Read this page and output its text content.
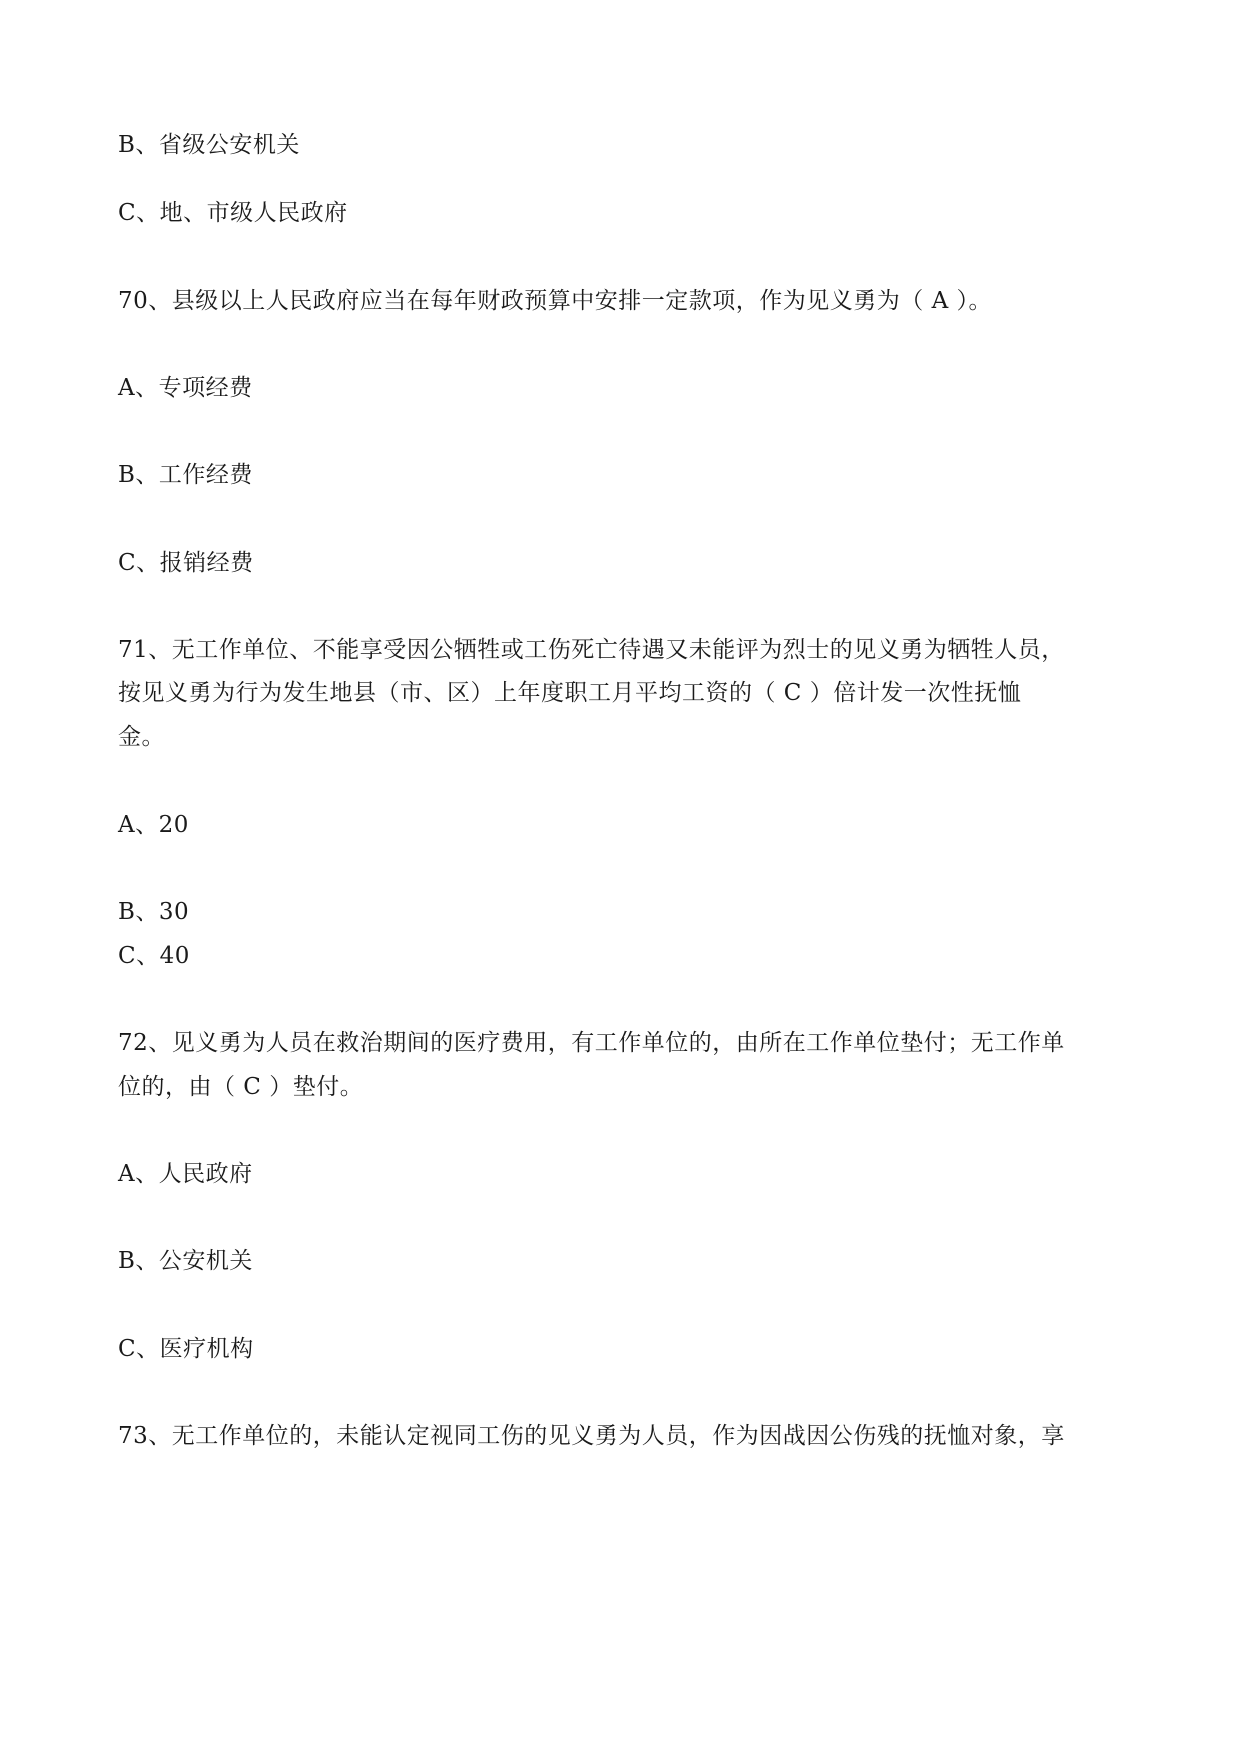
B、省级公安机关
C、地、市级人民政府
70、县级以上人民政府应当在每年财政预算中安排一定款项，作为见义勇为（ A ）。
A、专项经费
B、工作经费
C、报销经费
71、无工作单位、不能享受因公牺牲或工伤死亡待遇又未能评为烈士的见义勇为牺牲人员，
按见义勇为行为发生地县（市、区）上年度职工月平均工资的（ C ）倍计发一次性抚恤
金。
A、20
B、30
C、40
72、见义勇为人员在救治期间的医疗费用，有工作单位的，由所在工作单位垫付；无工作单
位的，由（ C ）垫付。
A、人民政府
B、公安机关
C、医疗机构
73、无工作单位的，未能认定视同工伤的见义勇为人员，作为因战因公伤残的抚恤对象，享
